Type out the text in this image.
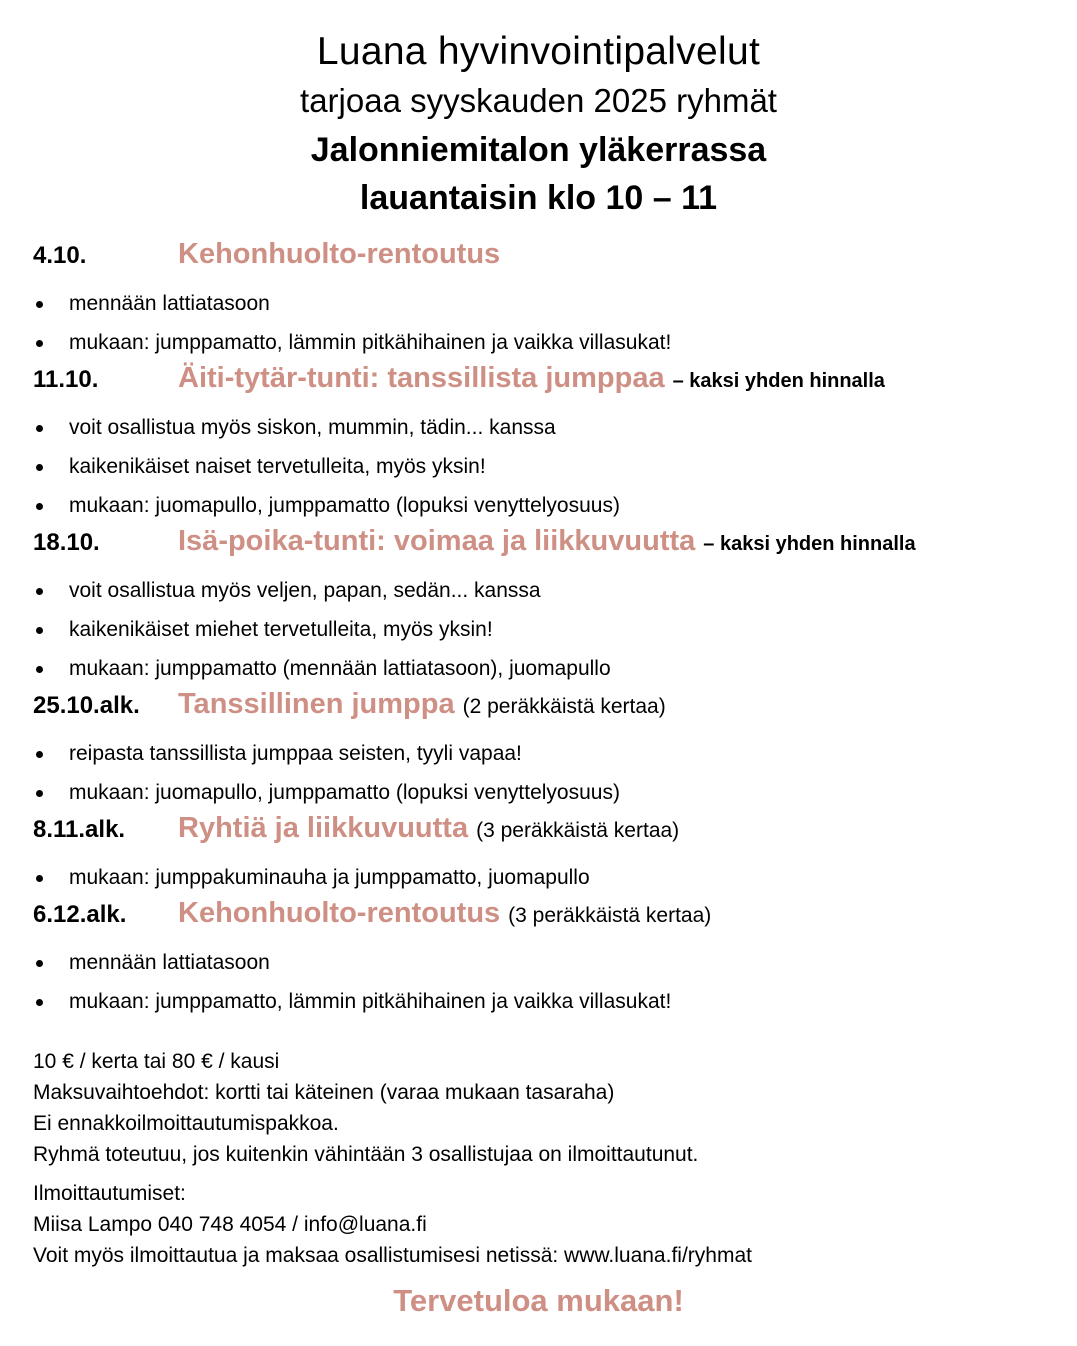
Luana hyvinvointipalvelut
tarjoaa syyskauden 2025 ryhmät
Jalonniemitalon yläkerrassa
lauantaisin klo 10 – 11
4.10.	Kehonhuolto-rentoutus
mennään lattiatasoon
mukaan: jumppamatto, lämmin pitkähihainen ja vaikka villasukat!
11.10.	Äiti-tytär-tunti: tanssillista jumppaa – kaksi yhden hinnalla
voit osallistua myös siskon, mummin, tädin... kanssa
kaikenikäiset naiset tervetulleita, myös yksin!
mukaan: juomapullo, jumppamatto (lopuksi venyttelyosuus)
18.10.	Isä-poika-tunti: voimaa ja liikkuvuutta – kaksi yhden hinnalla
voit osallistua myös veljen, papan, sedän... kanssa
kaikenikäiset miehet tervetulleita, myös yksin!
mukaan: jumppamatto (mennään lattiatasoon), juomapullo
25.10.alk.	Tanssillinen jumppa (2 peräkkäistä kertaa)
reipasta tanssillista jumppaa seisten, tyyli vapaa!
mukaan: juomapullo, jumppamatto (lopuksi venyttelyosuus)
8.11.alk.	Ryhtiä ja liikkuvuutta (3 peräkkäistä kertaa)
mukaan: jumppakuminauha ja jumppamatto, juomapullo
6.12.alk.	Kehonhuolto-rentoutus (3 peräkkäistä kertaa)
mennään lattiatasoon
mukaan: jumppamatto, lämmin pitkähihainen ja vaikka villasukat!
10 € / kerta tai 80 € / kausi
Maksuvaihtoehdot: kortti tai käteinen (varaa mukaan tasaraha)
Ei ennakkoilmoittautumispakkoa.
Ryhmä toteutuu, jos kuitenkin vähintään 3 osallistujaa on ilmoittautunut.
Ilmoittautumiset:
Miisa Lampo 040 748 4054 / info@luana.fi
Voit myös ilmoittautua ja maksaa osallistumisesi netissä: www.luana.fi/ryhmat
Tervetuloa mukaan!
